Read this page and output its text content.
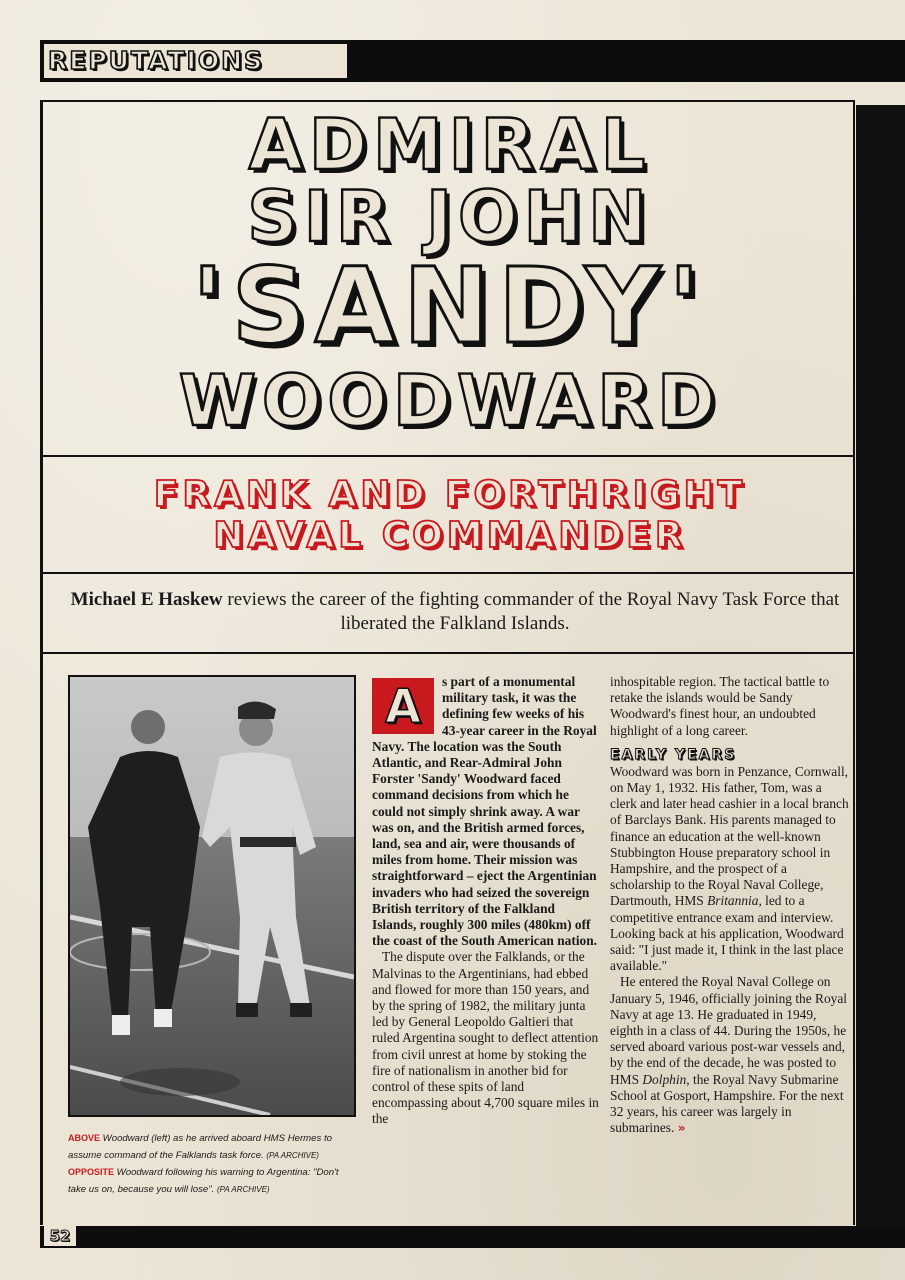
REPUTATIONS
ADMIRAL
SIR JOHN
'SANDY'
WOODWARD
FRANK AND FORTHRIGHT
NAVAL COMMANDER
Michael E Haskew reviews the career of the fighting commander of the Royal Navy Task Force that liberated the Falkland Islands.
ABOVE Woodward (left) as he arrived aboard HMS Hermes to assume command of the Falklands task force. (PA ARCHIVE)
OPPOSITE Woodward following his warning to Argentina: "Don't take us on, because you will lose". (PA ARCHIVE)
A	s part of a monumental military task, it was the defining few weeks of his 43-year career in the Royal Navy. The location was the South Atlantic, and Rear-Admiral John Forster 'Sandy' Woodward faced command decisions from which he could not simply shrink away. A war was on, and the British armed forces, land, sea and air, were thousands of miles from home. Their mission was straightforward – eject the Argentinian invaders who had seized the sovereign British territory of the Falkland Islands, roughly 300 miles (480km) off the coast of the South American nation.

The dispute over the Falklands, or the Malvinas to the Argentinians, had ebbed and flowed for more than 150 years, and by the spring of 1982, the military junta led by General Leopoldo Galtieri that ruled Argentina sought to deflect attention from civil unrest at home by stoking the fire of nationalism in another bid for control of these spits of land encompassing about 4,700 square miles in the

inhospitable region. The tactical battle to retake the islands would be Sandy Woodward's finest hour, an undoubted highlight of a long career.

EARLY YEARS

Woodward was born in Penzance, Cornwall, on May 1, 1932. His father, Tom, was a clerk and later head cashier in a local branch of Barclays Bank. His parents managed to finance an education at the well-known Stubbington House preparatory school in Hampshire, and the prospect of a scholarship to the Royal Naval College, Dartmouth, HMS Britannia, led to a competitive entrance exam and interview. Looking back at his application, Woodward said: "I just made it, I think in the last place available."

He entered the Royal Naval College on January 5, 1946, officially joining the Royal Navy at age 13. He graduated in 1949, eighth in a class of 44. During the 1950s, he served aboard various post-war vessels and, by the end of the decade, he was posted to HMS Dolphin, the Royal Navy Submarine School at Gosport, Hampshire. For the next 32 years, his career was largely in submarines. »

52
